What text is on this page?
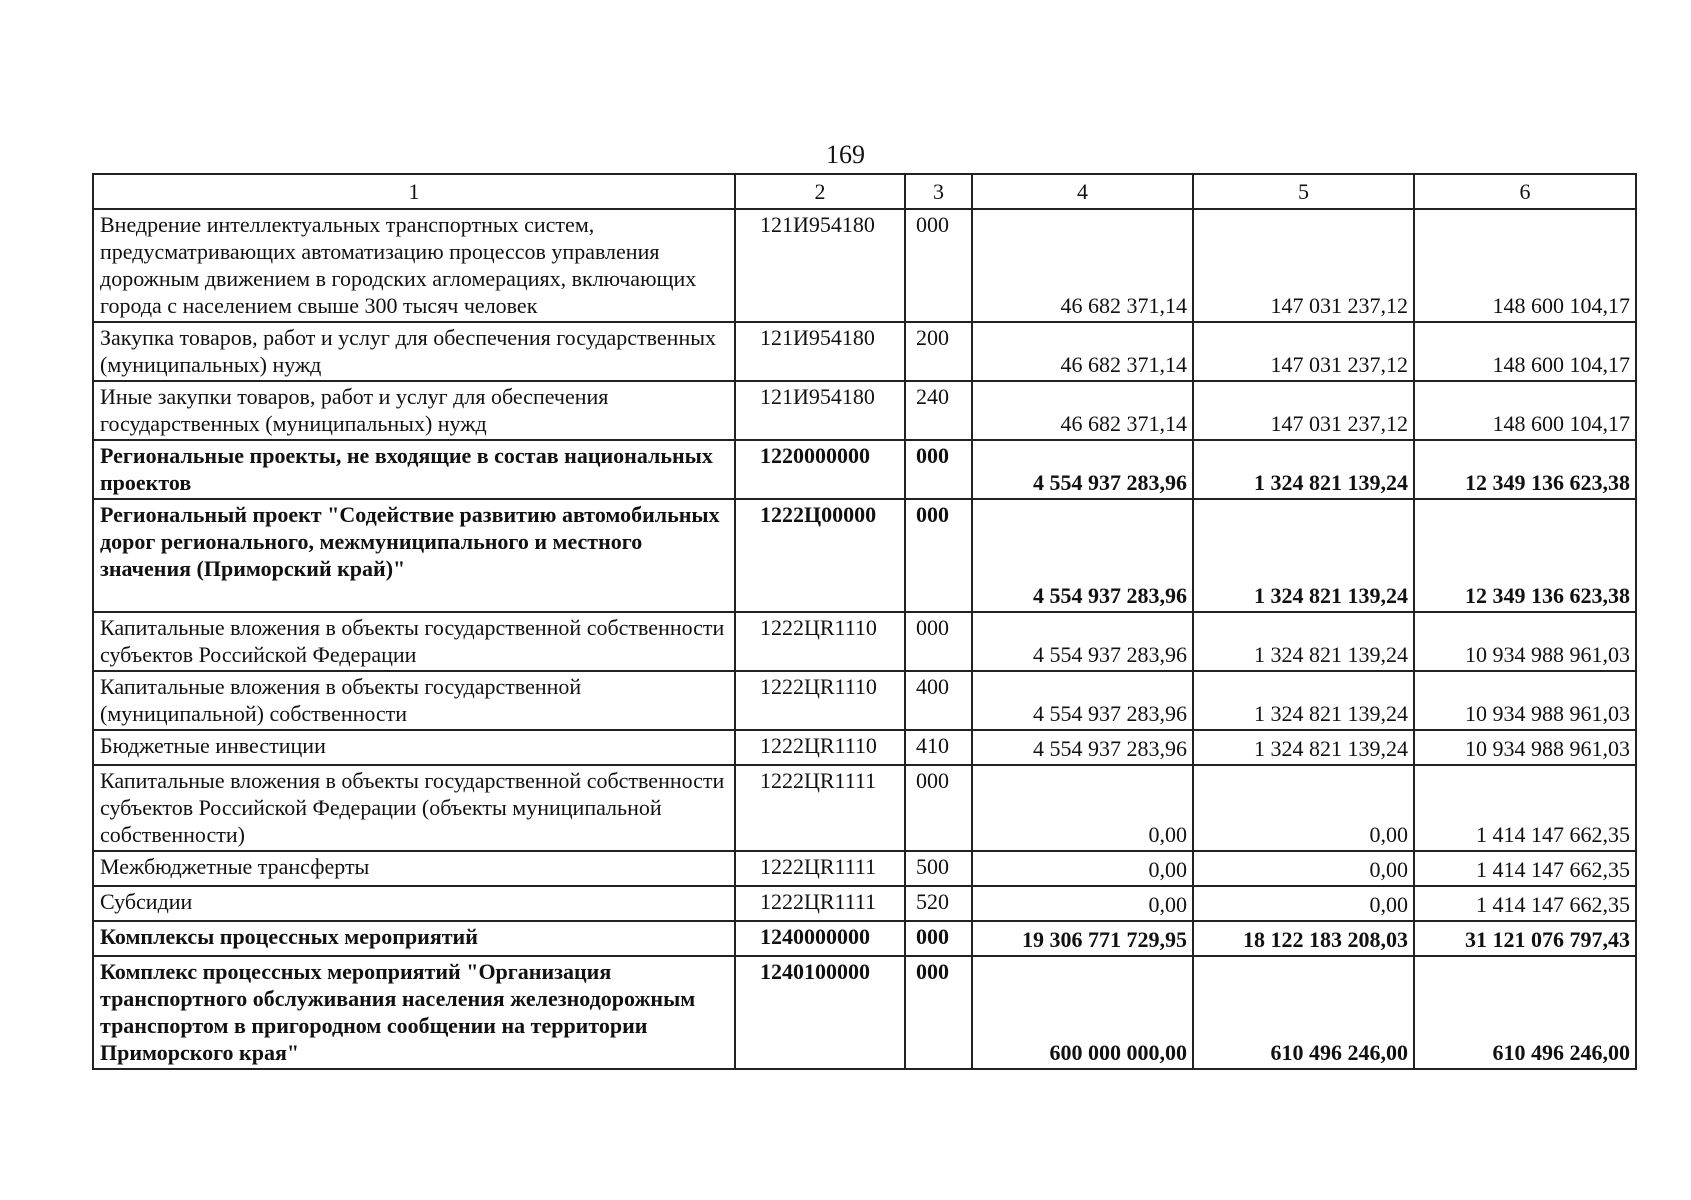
169
1	2	3	4	5	6
Внедрение интеллектуальных транспортных систем, предусматривающих автоматизацию процессов управления дорожным движением в городских агломерациях, включающих города с населением свыше 300 тысяч человек	121И954180	000	46 682 371,14	147 031 237,12	148 600 104,17
Закупка товаров, работ и услуг для обеспечения государственных (муниципальных) нужд	121И954180	200	46 682 371,14	147 031 237,12	148 600 104,17
Иные закупки товаров, работ и услуг для обеспечения государственных (муниципальных) нужд	121И954180	240	46 682 371,14	147 031 237,12	148 600 104,17
Региональные проекты, не входящие в состав национальных проектов	1220000000	000	4 554 937 283,96	1 324 821 139,24	12 349 136 623,38
Региональный проект "Содействие развитию автомобильных дорог регионального, межмуниципального и местного значения (Приморский край)"	1222Ц00000	000	4 554 937 283,96	1 324 821 139,24	12 349 136 623,38
Капитальные вложения в объекты государственной собственности субъектов Российской Федерации	1222ЦR1110	000	4 554 937 283,96	1 324 821 139,24	10 934 988 961,03
Капитальные вложения в объекты государственной (муниципальной) собственности	1222ЦR1110	400	4 554 937 283,96	1 324 821 139,24	10 934 988 961,03
Бюджетные инвестиции	1222ЦR1110	410	4 554 937 283,96	1 324 821 139,24	10 934 988 961,03
Капитальные вложения в объекты государственной собственности субъектов Российской Федерации (объекты муниципальной собственности)	1222ЦR1111	000	0,00	0,00	1 414 147 662,35
Межбюджетные трансферты	1222ЦR1111	500	0,00	0,00	1 414 147 662,35
Субсидии	1222ЦR1111	520	0,00	0,00	1 414 147 662,35
Комплексы процессных мероприятий	1240000000	000	19 306 771 729,95	18 122 183 208,03	31 121 076 797,43
Комплекс процессных мероприятий "Организация транспортного обслуживания населения железнодорожным транспортом в пригородном сообщении на территории Приморского края"	1240100000	000	600 000 000,00	610 496 246,00	610 496 246,00
